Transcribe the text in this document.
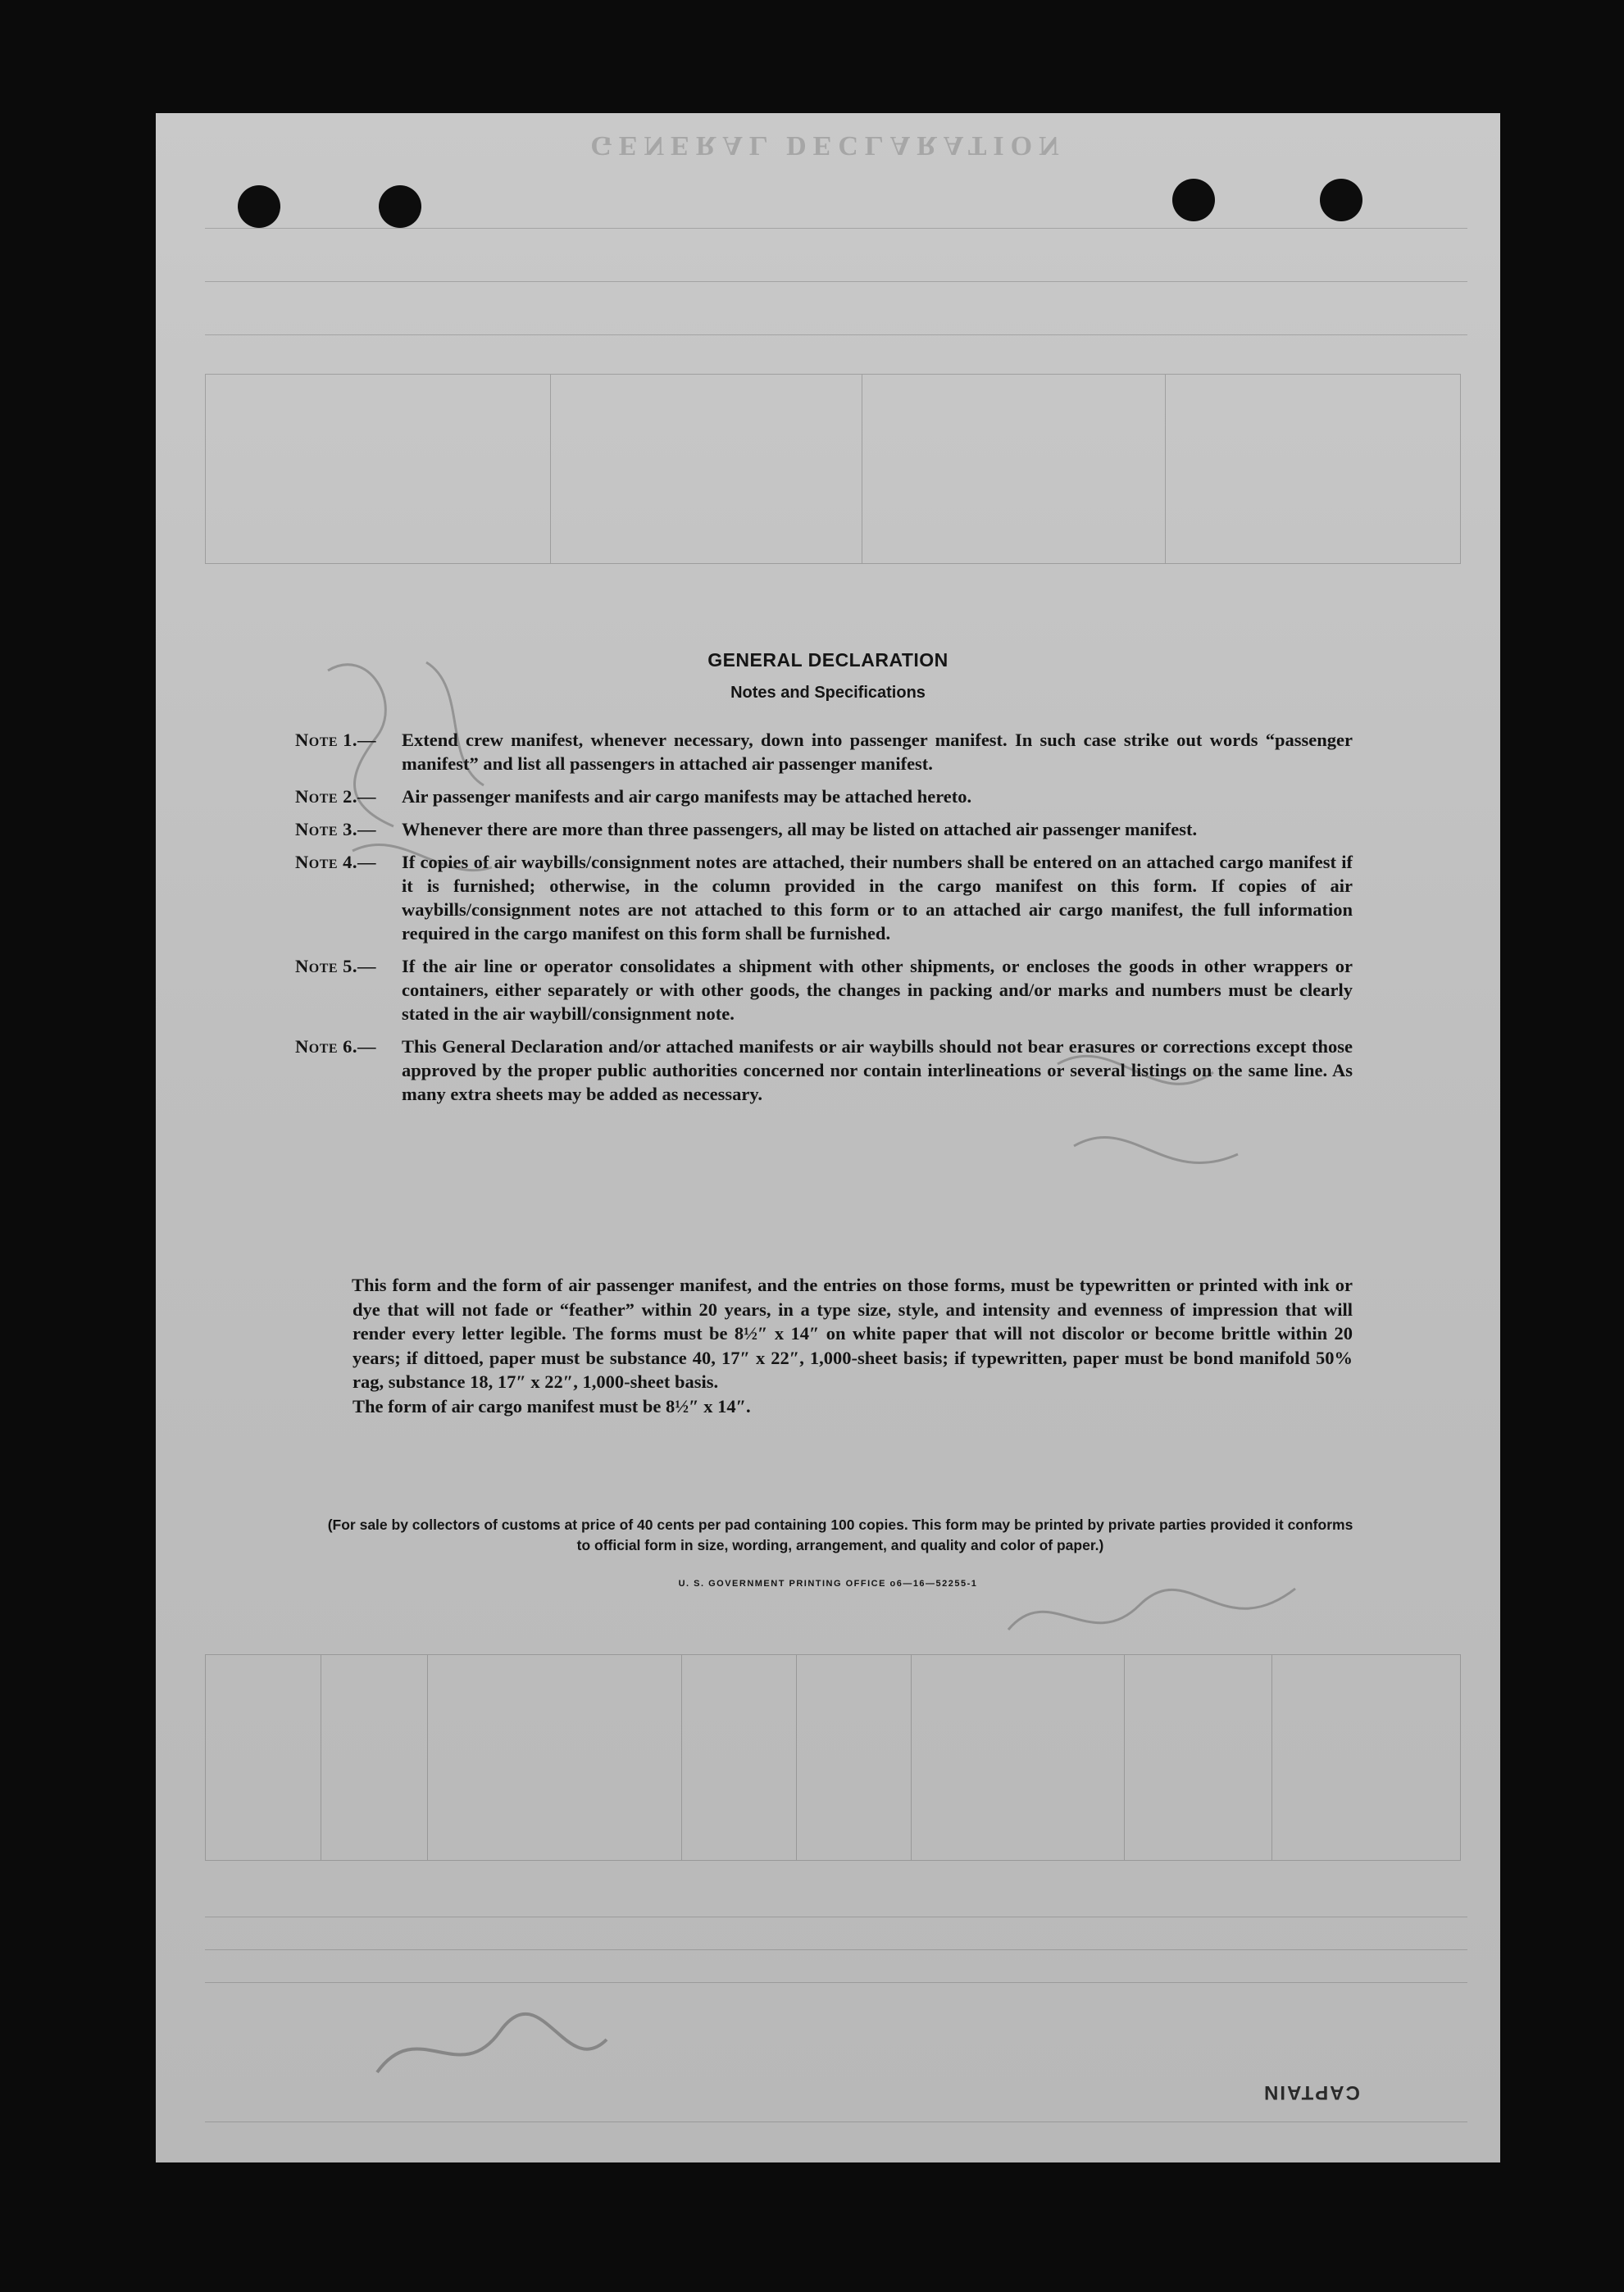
GENERAL DECLARATION
GENERAL DECLARATION
Notes and Specifications
Note 1.—	Extend crew manifest, whenever necessary, down into passenger manifest. In such case strike out words “passenger manifest” and list all passengers in attached air passenger manifest.
Note 2.—	Air passenger manifests and air cargo manifests may be attached hereto.
Note 3.—	Whenever there are more than three passengers, all may be listed on attached air passenger manifest.
Note 4.—	If copies of air waybills/consignment notes are attached, their numbers shall be entered on an attached cargo manifest if it is furnished; otherwise, in the column provided in the cargo manifest on this form. If copies of air waybills/consignment notes are not attached to this form or to an attached air cargo manifest, the full information required in the cargo manifest on this form shall be furnished.
Note 5.—	If the air line or operator consolidates a shipment with other shipments, or encloses the goods in other wrappers or containers, either separately or with other goods, the changes in packing and/or marks and numbers must be clearly stated in the air waybill/consignment note.
Note 6.—	This General Declaration and/or attached manifests or air waybills should not bear erasures or corrections except those approved by the proper public authorities concerned nor contain interlineations or several listings on the same line. As many extra sheets may be added as necessary.
This form and the form of air passenger manifest, and the entries on those forms, must be typewritten or printed with ink or dye that will not fade or “feather” within 20 years, in a type size, style, and intensity and evenness of impression that will render every letter legible. The forms must be 8½″ x 14″ on white paper that will not discolor or become brittle within 20 years; if dittoed, paper must be substance 40, 17″ x 22″, 1,000-sheet basis; if typewritten, paper must be bond manifold 50% rag, substance 18, 17″ x 22″, 1,000-sheet basis.
The form of air cargo manifest must be 8½″ x 14″.
(For sale by collectors of customs at price of 40 cents per pad containing 100 copies. This form may be printed by private parties provided it conforms to official form in size, wording, arrangement, and quality and color of paper.)
U. S. GOVERNMENT PRINTING OFFICE o6—16—52255-1
CAPTAIN
